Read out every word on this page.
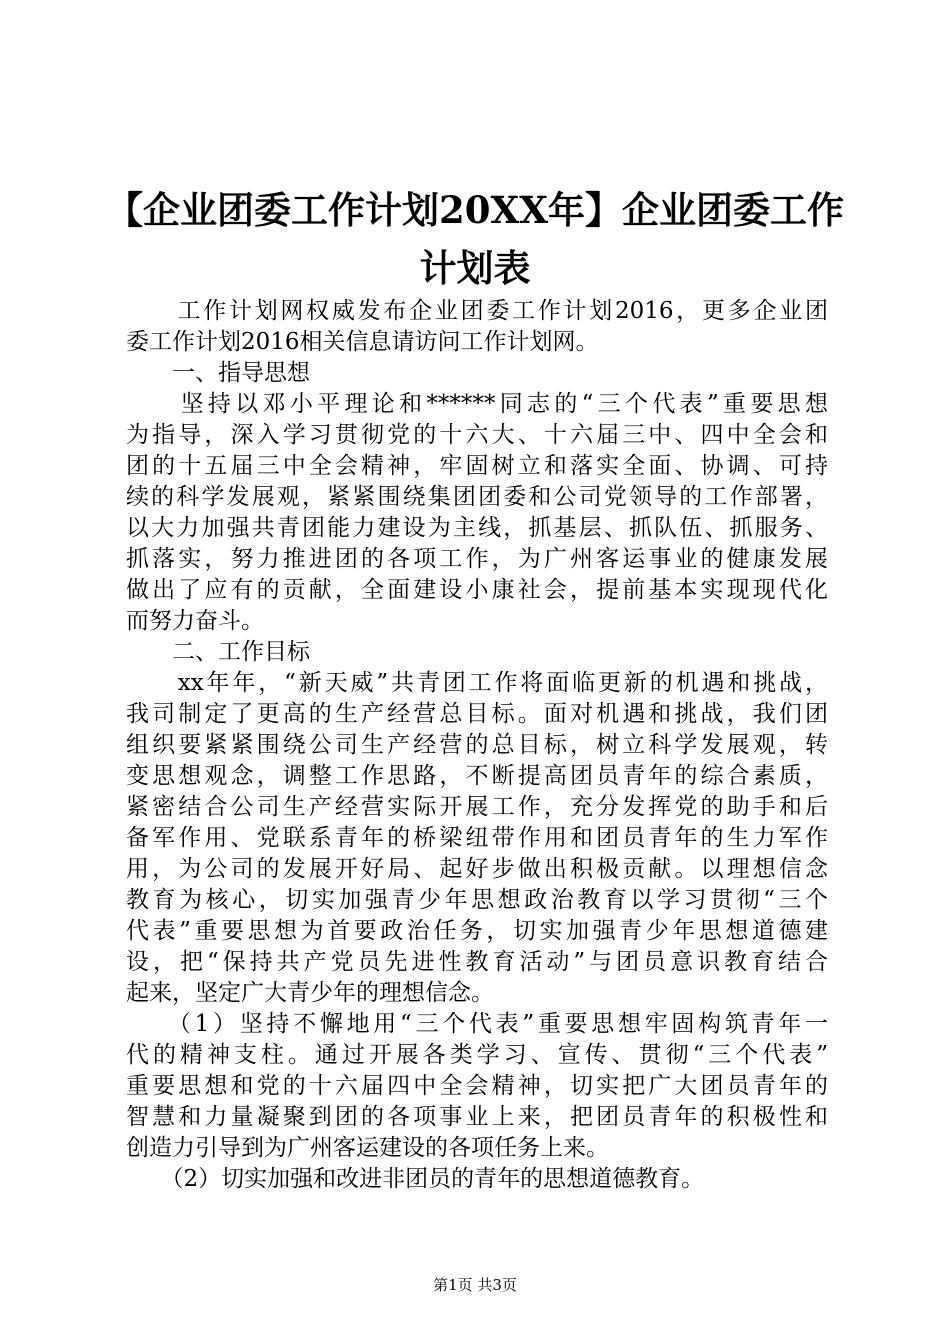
【企业团委工作计划20XX年】企业团委工作
计划表
　　工作计划网权威发布企业团委工作计划2016，更多企业团
委工作计划2016相关信息请访问工作计划网。
　　一、指导思想
　　坚持以邓小平理论和******同志的“三个代表”重要思想
为指导，深入学习贯彻党的十六大、十六届三中、四中全会和
团的十五届三中全会精神，牢固树立和落实全面、协调、可持
续的科学发展观，紧紧围绕集团团委和公司党领导的工作部署，
以大力加强共青团能力建设为主线，抓基层、抓队伍、抓服务、
抓落实，努力推进团的各项工作，为广州客运事业的健康发展
做出了应有的贡献，全面建设小康社会，提前基本实现现代化
而努力奋斗。
　　二、工作目标
　　xx年年，“新天威”共青团工作将面临更新的机遇和挑战，
我司制定了更高的生产经营总目标。面对机遇和挑战，我们团
组织要紧紧围绕公司生产经营的总目标，树立科学发展观，转
变思想观念，调整工作思路，不断提高团员青年的综合素质，
紧密结合公司生产经营实际开展工作，充分发挥党的助手和后
备军作用、党联系青年的桥梁纽带作用和团员青年的生力军作
用，为公司的发展开好局、起好步做出积极贡献。以理想信念
教育为核心，切实加强青少年思想政治教育以学习贯彻“三个
代表”重要思想为首要政治任务，切实加强青少年思想道德建
设，把“保持共产党员先进性教育活动”与团员意识教育结合
起来，坚定广大青少年的理想信念。
　　（1）坚持不懈地用“三个代表”重要思想牢固构筑青年一
代的精神支柱。通过开展各类学习、宣传、贯彻“三个代表”
重要思想和党的十六届四中全会精神，切实把广大团员青年的
智慧和力量凝聚到团的各项事业上来，把团员青年的积极性和
创造力引导到为广州客运建设的各项任务上来。
　　（2）切实加强和改进非团员的青年的思想道德教育。
第1页 共3页
